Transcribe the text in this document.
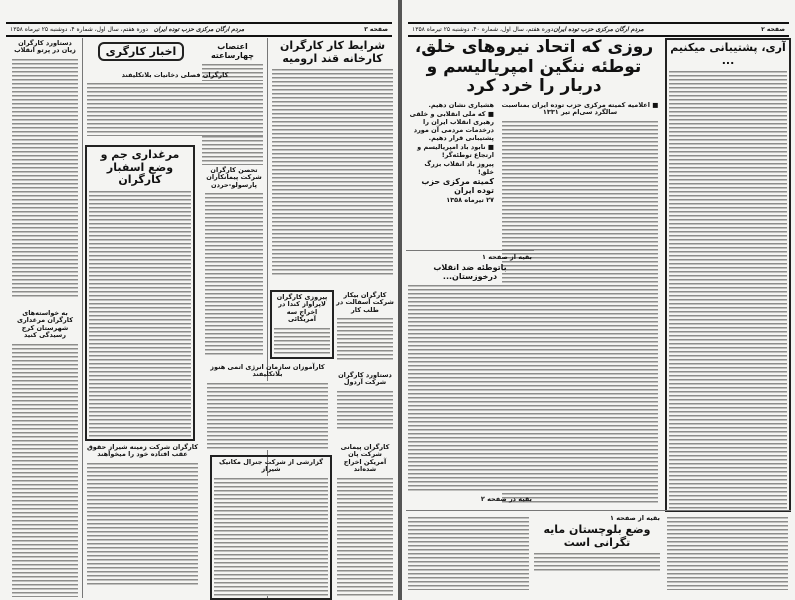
صفحه ۳
مردم ارگان مرکزی حزب توده ایران
دوره هفتم، سال اول، شماره ۴، دوشنبه ۲۵ تیرماه ۱۳۵۸
شرایط کار کارگران کارخانه قند ارومیه
اعتصاب چهارساعته
اخبار کارگری
کارگران فصلی دخانیات بلاتکلیفند
دستاورد کارگران زیان در پرتو انقلاب
مرغداری جم و وضع اسفبار کارگران
تحصن کارگران شرکت پیمانکاران پارسولو-حردن
پیروزی کارگران لاپراواز کندا در اخراج سه آمریکائی
کارگران بیکار شرکت اسفالت در طلب کار
به خواسته‌های کارگران مرغداری شهرستان کرج رسیدگی کنید
کارآموزان سازمان انرژی اتمی هنوز بلاتکلیفند	دستاورد کارگران شرکت آردول
کارگران شرکت زمینه شیراز حقوق عقب افتاده خود را میخواهند
گزارشی از شرکت جنرال مکانیک شیراز
کارگران پیمانی شرکت پان آمریکن اخراج شده‌اند
صفحه ۲
مردم ارگان مرکزی حزب توده ایران
دوره هفتم، سال اول، شماره ۴۰، دوشنبه ۲۵ تیرماه ۱۳۵۸
آری، پشتیبانی میکنیم ...
روزی که اتحاد نیروهای خلق، توطئه ننگین امپریالیسم و دربار را خرد کرد
هشیاری نشان دهیم.
■ که ملی انقلابی و خلقی رهبری انقلاب ایران را درخدمات مردمی آن مورد پشتیبانی قرار دهیم.
■ نابود باد امپریالیسم و ارتجاع توطئه‌گر!
پیروز باد انقلاب بزرگ خلق!
کمیته مرکزی حزب توده ایران
۲۷ تیرماه ۱۳۵۸
■ اعلامیه کمیته مرکزی حزب توده ایران بمناسبت سالگرد سی‌ام تیر ۱۳۳۱
بقیه از صفحه ۱
باتوطئه ضد انقلاب درخوزستان...
بقیه در صفحه ۲
بقیه از صفحه ۱
وضع بلوچستان مایه تگرانی است
